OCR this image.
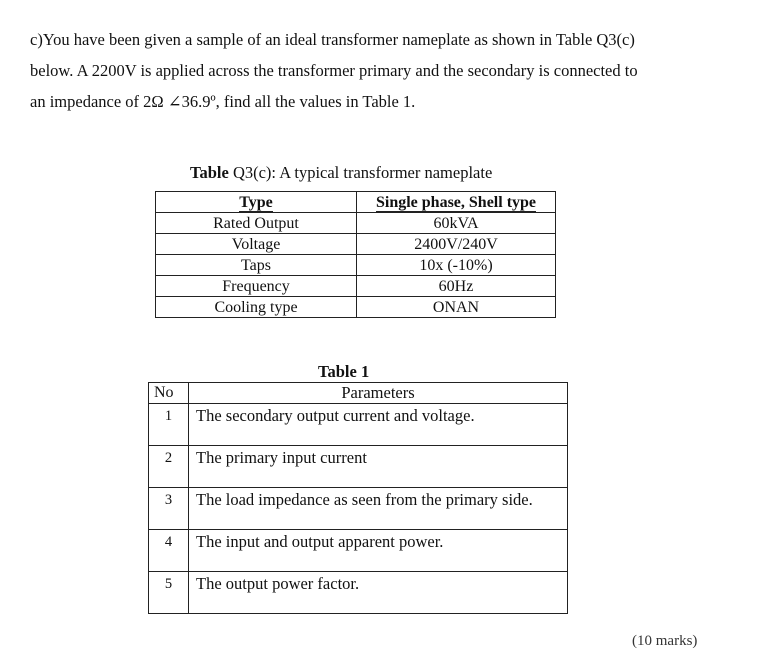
c)You have been given a sample of an ideal transformer nameplate as shown in Table Q3(c)

below. A 2200V is applied across the transformer primary and the secondary is connected to

an impedance of 2Ω ∠36.9º, find all the values in Table 1.

Table Q3(c): A typical transformer nameplate
Type	Single phase, Shell type
Rated Output	60kVA
Voltage	2400V/240V
Taps	10x (-10%)
Frequency	60Hz
Cooling type	ONAN
Table 1
No	Parameters
1	The secondary output current and voltage.
2	The primary input current
3	The load impedance as seen from the primary side.
4	The input and output apparent power.
5	The output power factor.
(10 marks)
